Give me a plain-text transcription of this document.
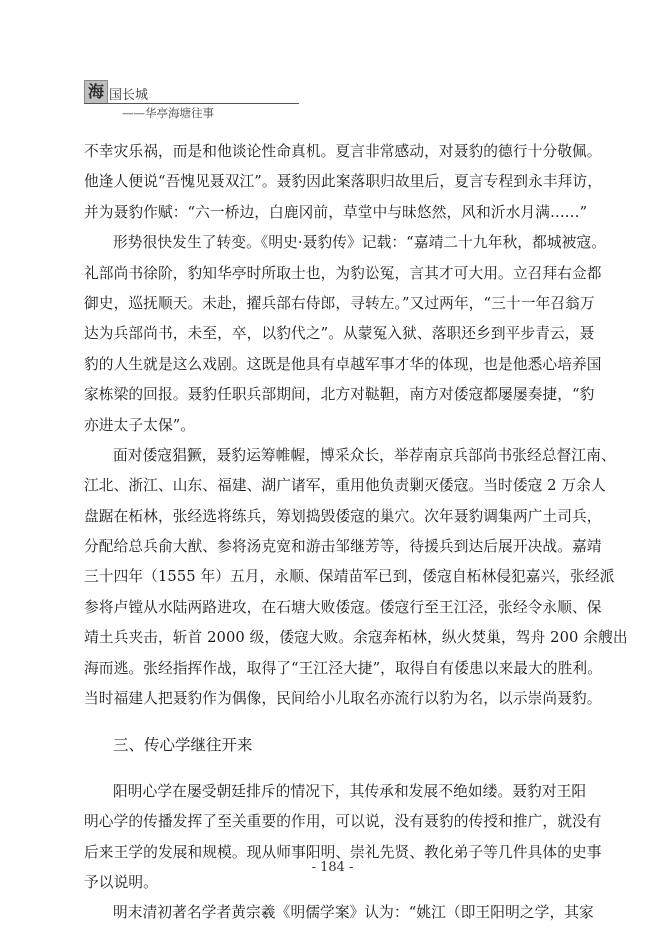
海 国长城
——华亭海塘往事
不幸灾乐祸，而是和他谈论性命真机。夏言非常感动，对聂豹的德行十分敬佩。
他逢人便说“吾愧见聂双江”。聂豹因此案落职归故里后，夏言专程到永丰拜访，
并为聂豹作赋：“六一桥边，白鹿冈前，草堂中与昧悠然，风和沂水月满……”
形势很快发生了转变。《明史·聂豹传》记载：“嘉靖二十九年秋，都城被寇。
礼部尚书徐阶，豹知华亭时所取士也，为豹讼冤，言其才可大用。立召拜右佥都
御史，巡抚顺天。未赴，擢兵部右侍郎，寻转左。”又过两年，“三十一年召翁万
达为兵部尚书，未至，卒，以豹代之”。从蒙冤入狱、落职还乡到平步青云，聂
豹的人生就是这么戏剧。这既是他具有卓越军事才华的体现，也是他悉心培养国
家栋梁的回报。聂豹任职兵部期间，北方对鞑靼，南方对倭寇都屡屡奏捷，“豹
亦进太子太保”。
面对倭寇猖獗，聂豹运筹帷幄，博采众长，举荐南京兵部尚书张经总督江南、
江北、浙江、山东、福建、湖广诸军，重用他负责剿灭倭寇。当时倭寇 2 万余人
盘踞在柘林，张经选将练兵，筹划捣毁倭寇的巢穴。次年聂豹调集两广土司兵，
分配给总兵俞大猷、参将汤克宽和游击邹继芳等，待援兵到达后展开决战。嘉靖
三十四年（1555 年）五月，永顺、保靖苗军已到，倭寇自柘林侵犯嘉兴，张经派
参将卢镗从水陆两路进攻，在石塘大败倭寇。倭寇行至王江泾，张经令永顺、保
靖土兵夹击，斩首 2000 级，倭寇大败。余寇奔柘林，纵火焚巢，驾舟 200 余艘出
海而逃。张经指挥作战，取得了“王江泾大捷”，取得自有倭患以来最大的胜利。
当时福建人把聂豹作为偶像，民间给小儿取名亦流行以豹为名，以示崇尚聂豹。
三、传心学继往开来
阳明心学在屡受朝廷排斥的情况下，其传承和发展不绝如缕。聂豹对王阳
明心学的传播发挥了至关重要的作用，可以说，没有聂豹的传授和推广，就没有
后来王学的发展和规模。现从师事阳明、崇礼先贤、教化弟子等几件具体的史事
予以说明。
明末清初著名学者黄宗羲《明儒学案》认为：“姚江（即王阳明之学，其家
- 184 -
